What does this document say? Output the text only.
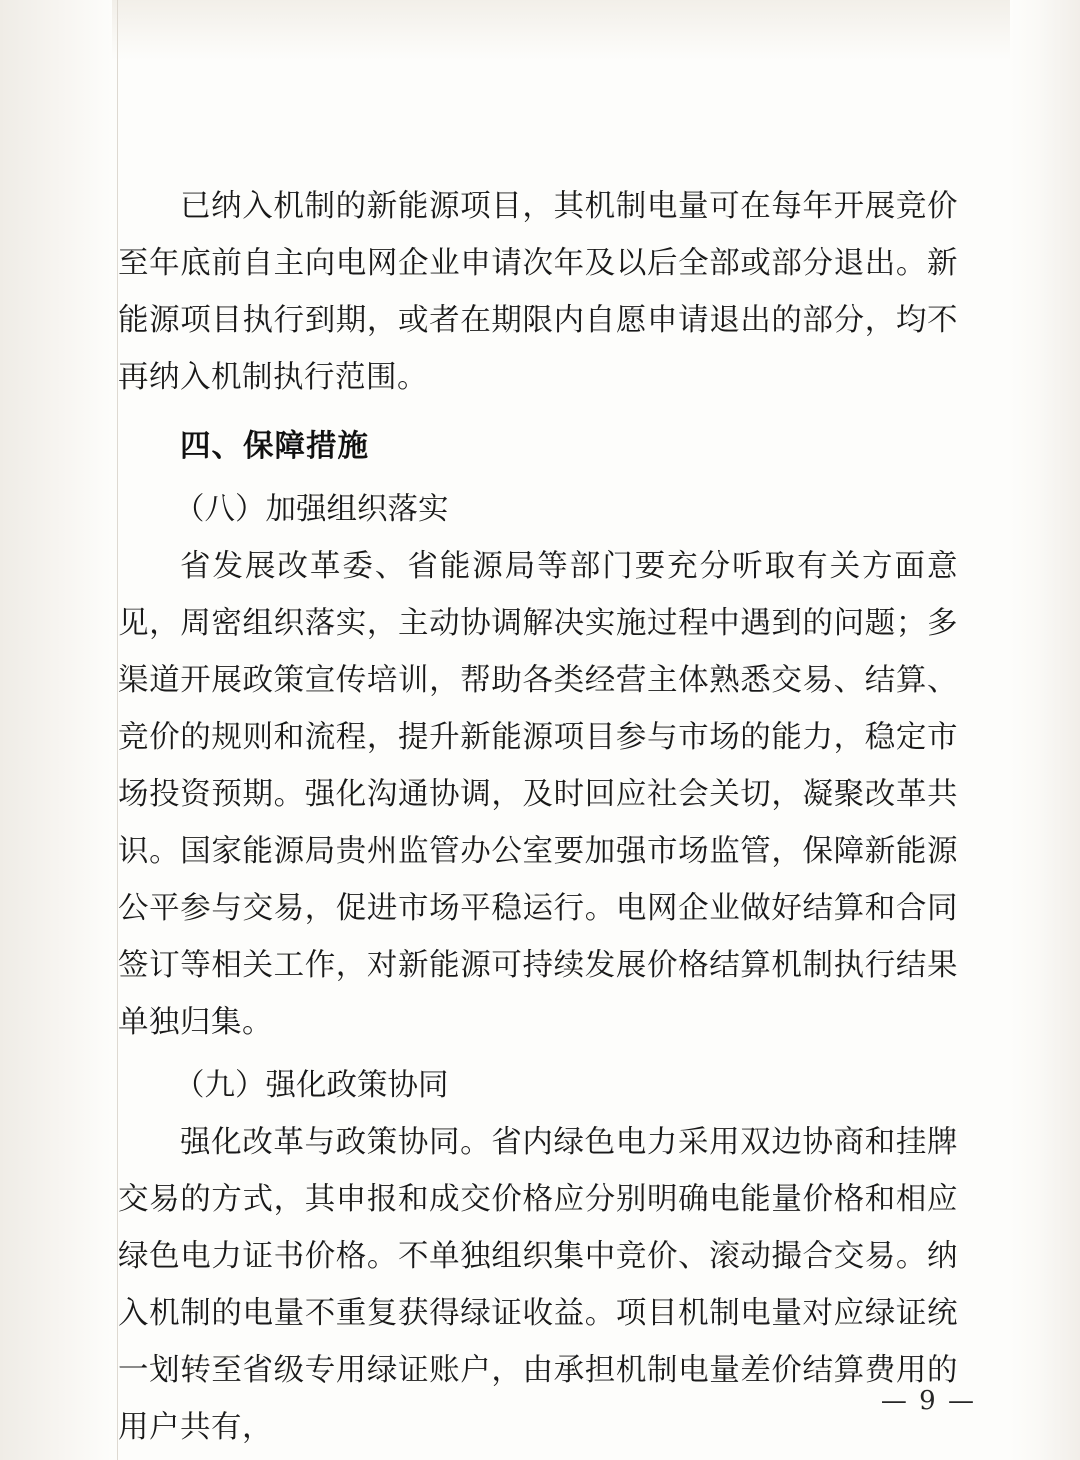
已纳入机制的新能源项目，其机制电量可在每年开展竞价至年底前自主向电网企业申请次年及以后全部或部分退出。新能源项目执行到期，或者在期限内自愿申请退出的部分，均不再纳入机制执行范围。

四、保障措施

（八）加强组织落实

省发展改革委、省能源局等部门要充分听取有关方面意见，周密组织落实，主动协调解决实施过程中遇到的问题；多渠道开展政策宣传培训，帮助各类经营主体熟悉交易、结算、竞价的规则和流程，提升新能源项目参与市场的能力，稳定市场投资预期。强化沟通协调，及时回应社会关切，凝聚改革共识。国家能源局贵州监管办公室要加强市场监管，保障新能源公平参与交易，促进市场平稳运行。电网企业做好结算和合同签订等相关工作，对新能源可持续发展价格结算机制执行结果单独归集。

（九）强化政策协同

强化改革与政策协同。省内绿色电力采用双边协商和挂牌交易的方式，其申报和成交价格应分别明确电能量价格和相应绿色电力证书价格。不单独组织集中竞价、滚动撮合交易。纳入机制的电量不重复获得绿证收益。项目机制电量对应绿证统一划转至省级专用绿证账户，由承担机制电量差价结算费用的用户共有，

— 9 —
